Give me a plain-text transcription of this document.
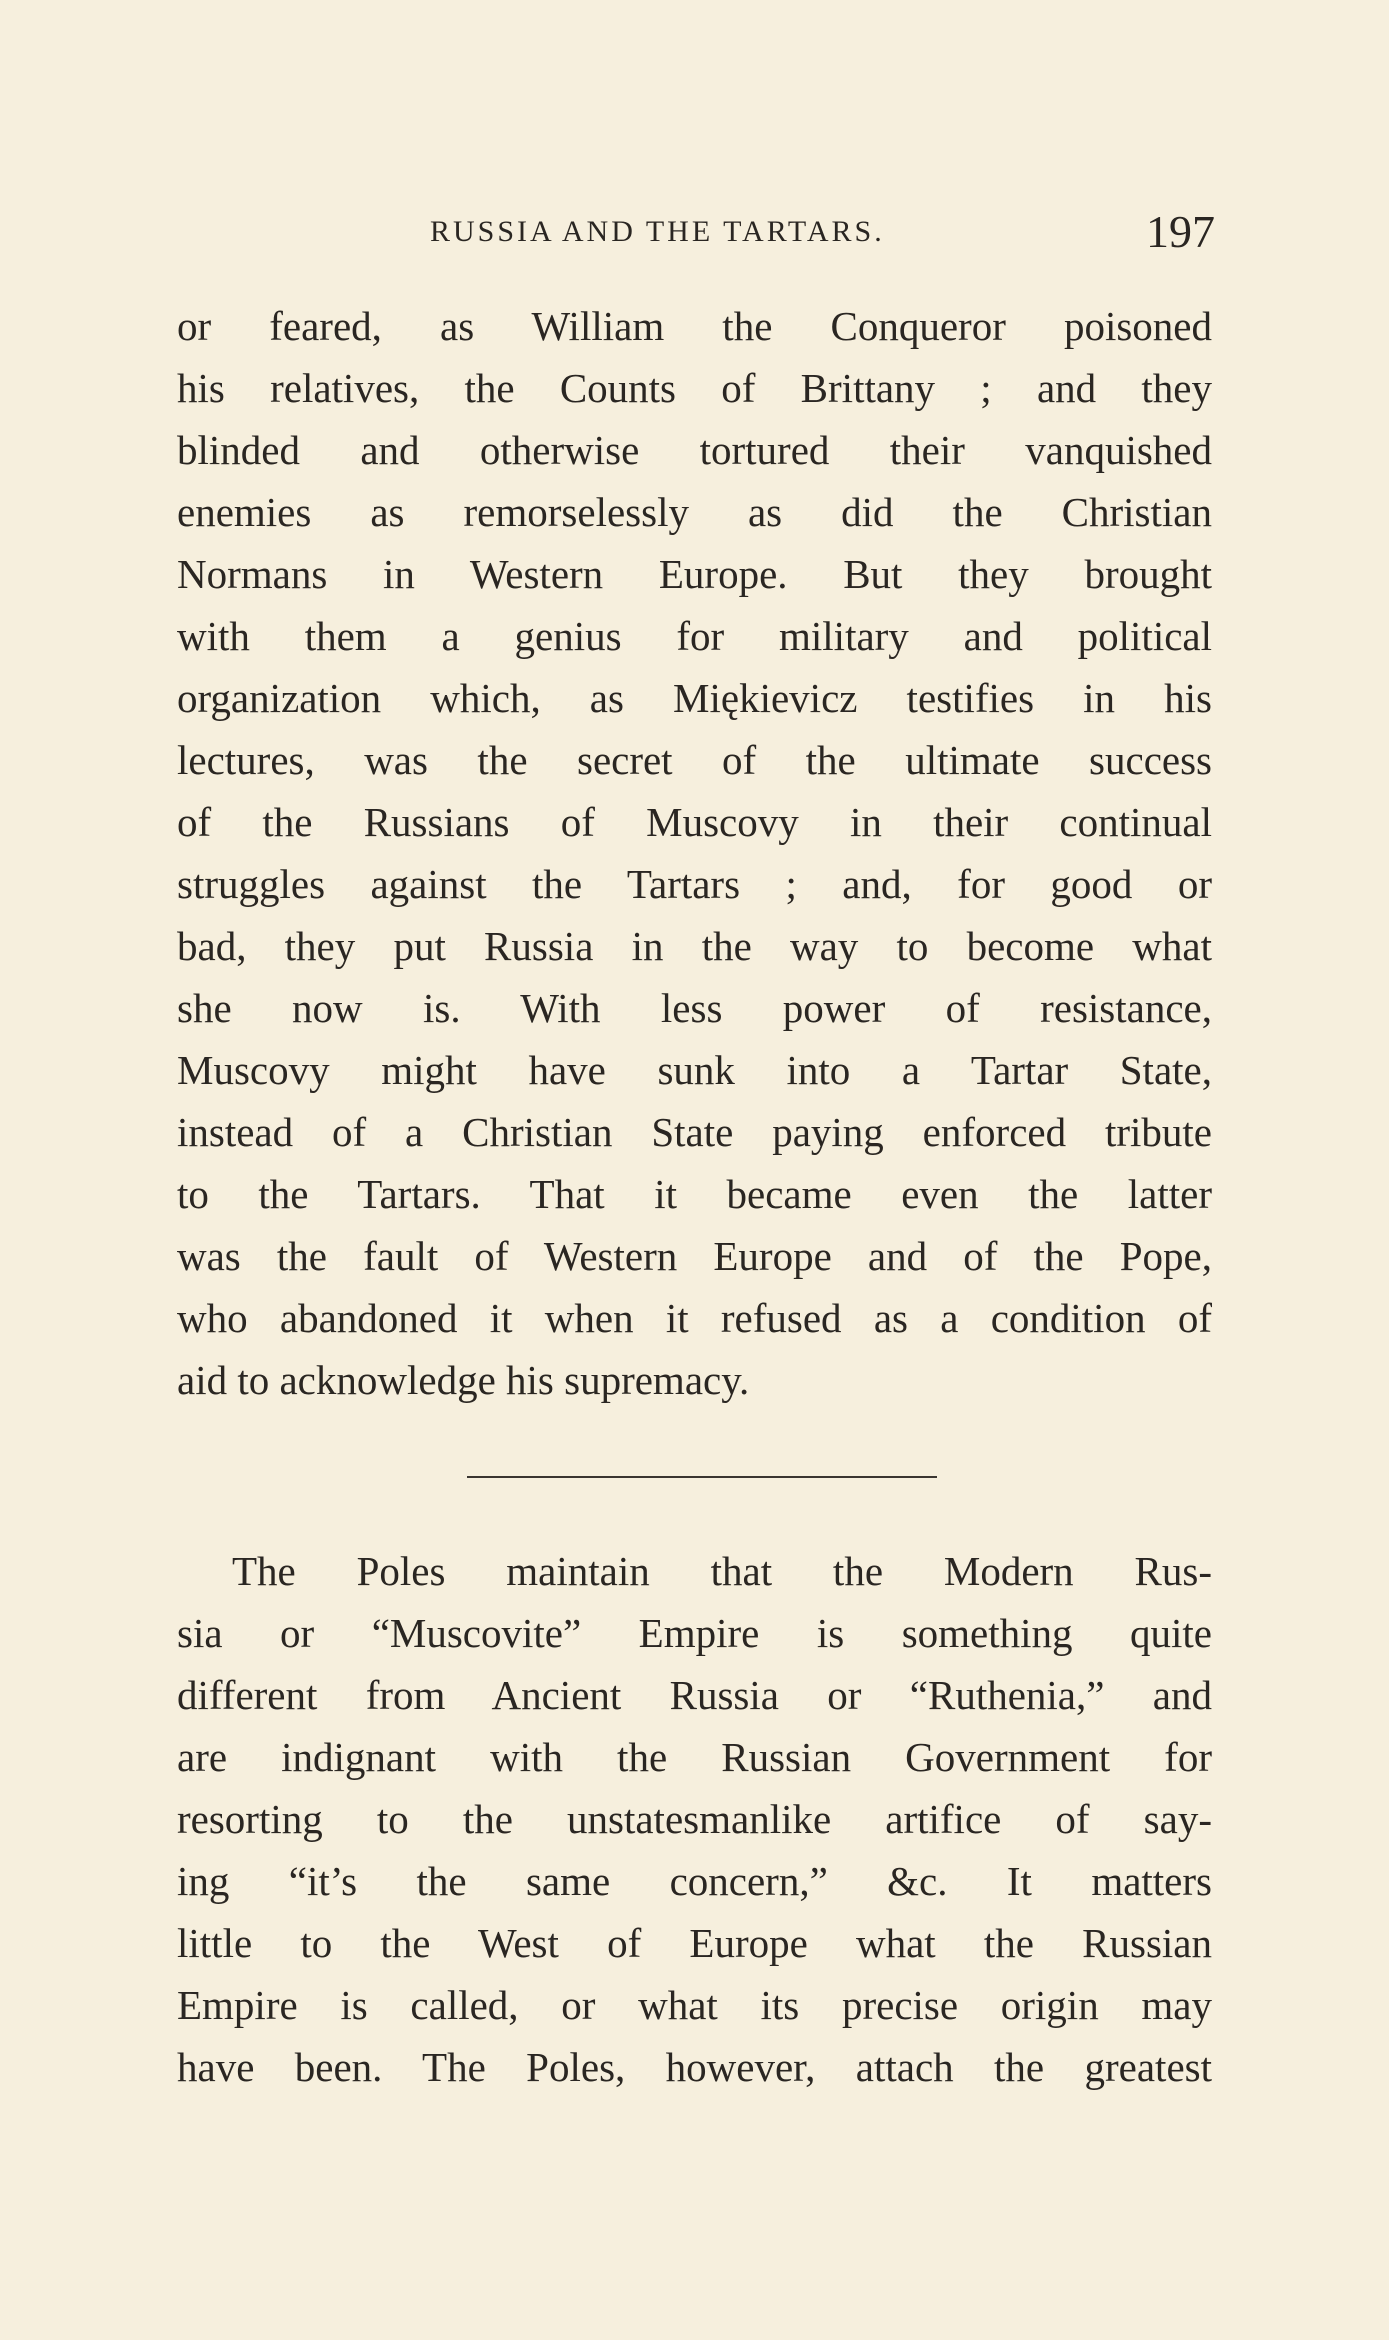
RUSSIA AND THE TARTARS.	197
or feared, as William the Conqueror poisoned
his relatives, the Counts of Brittany ; and they
blinded and otherwise tortured their vanquished
enemies as remorselessly as did the Christian
Normans in Western Europe. But they brought
with them a genius for military and political
organization which, as Miękievicz testifies in his
lectures, was the secret of the ultimate success
of the Russians of Muscovy in their continual
struggles against the Tartars ; and, for good or
bad, they put Russia in the way to become what
she now is. With less power of resistance,
Muscovy might have sunk into a Tartar State,
instead of a Christian State paying enforced tribute
to the Tartars. That it became even the latter
was the fault of Western Europe and of the Pope,
who abandoned it when it refused as a condition of
aid to acknowledge his supremacy.
The Poles maintain that the Modern Rus-
sia or “Muscovite” Empire is something quite
different from Ancient Russia or “Ruthenia,” and
are indignant with the Russian Government for
resorting to the unstatesmanlike artifice of say-
ing “it’s the same concern,” &c. It matters
little to the West of Europe what the Russian
Empire is called, or what its precise origin may
have been. The Poles, however, attach the greatest
